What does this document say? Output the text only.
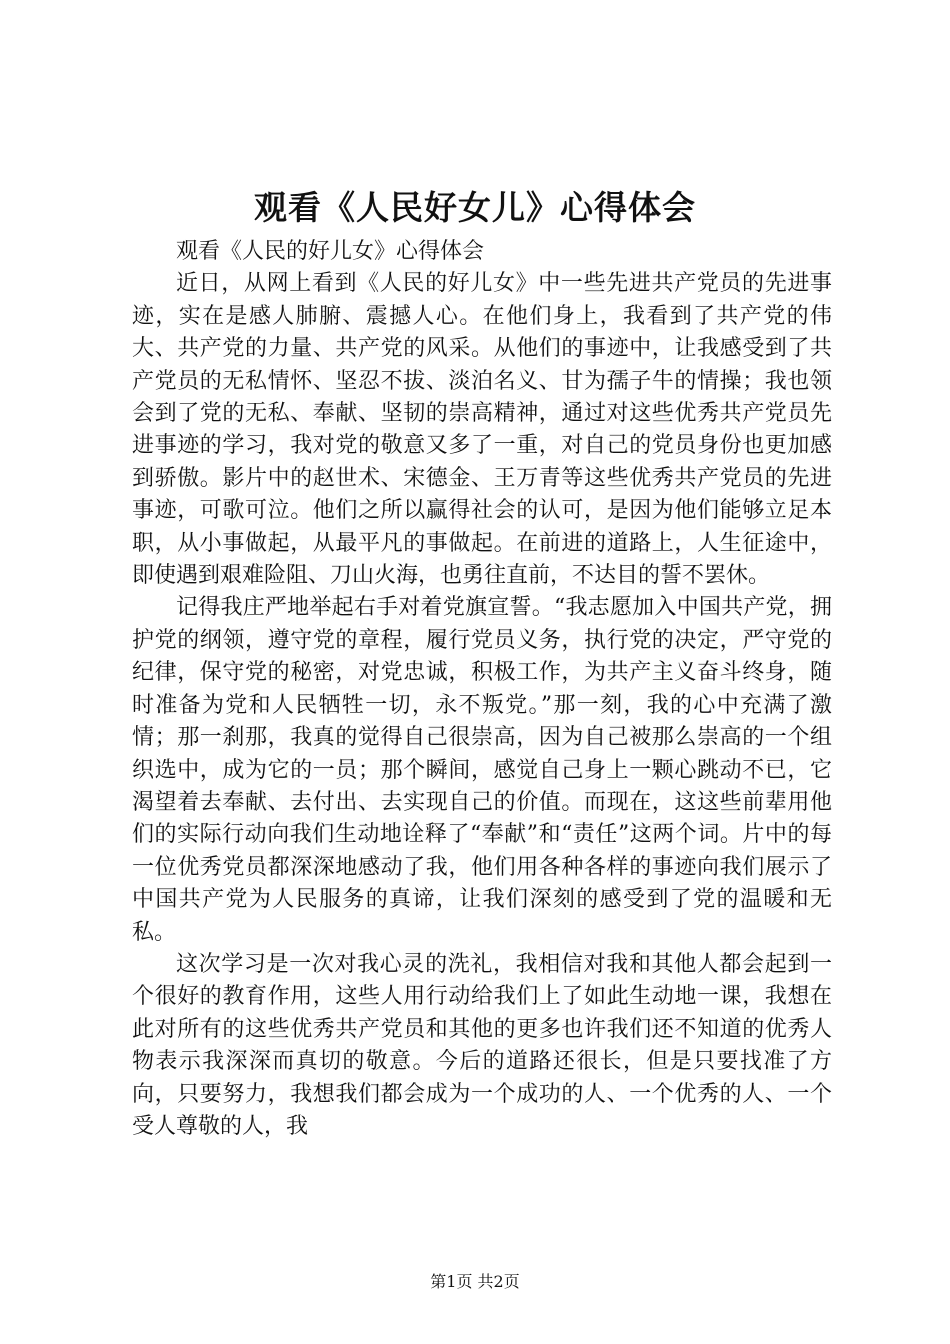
观看《人民好女儿》心得体会

观看《人民的好儿女》心得体会

近日，从网上看到《人民的好儿女》中一些先进共产党员的先进事迹，实在是感人肺腑、震撼人心。在他们身上，我看到了共产党的伟大、共产党的力量、共产党的风采。从他们的事迹中，让我感受到了共产党员的无私情怀、坚忍不拔、淡泊名义、甘为孺子牛的情操；我也领会到了党的无私、奉献、坚韧的崇高精神，通过对这些优秀共产党员先进事迹的学习，我对党的敬意又多了一重，对自己的党员身份也更加感到骄傲。影片中的赵世术、宋德金、王万青等这些优秀共产党员的先进事迹，可歌可泣。他们之所以赢得社会的认可，是因为他们能够立足本职，从小事做起，从最平凡的事做起。在前进的道路上，人生征途中，即使遇到艰难险阻、刀山火海，也勇往直前，不达目的誓不罢休。

记得我庄严地举起右手对着党旗宣誓。“我志愿加入中国共产党，拥护党的纲领，遵守党的章程，履行党员义务，执行党的决定，严守党的纪律，保守党的秘密，对党忠诚，积极工作，为共产主义奋斗终身，随时准备为党和人民牺牲一切，永不叛党。”那一刻，我的心中充满了激情；那一刹那，我真的觉得自己很崇高，因为自己被那么崇高的一个组织选中，成为它的一员；那个瞬间，感觉自己身上一颗心跳动不已，它渴望着去奉献、去付出、去实现自己的价值。而现在，这这些前辈用他们的实际行动向我们生动地诠释了“奉献”和“责任”这两个词。片中的每一位优秀党员都深深地感动了我，他们用各种各样的事迹向我们展示了中国共产党为人民服务的真谛，让我们深刻的感受到了党的温暖和无私。

这次学习是一次对我心灵的洗礼，我相信对我和其他人都会起到一个很好的教育作用，这些人用行动给我们上了如此生动地一课，我想在此对所有的这些优秀共产党员和其他的更多也许我们还不知道的优秀人物表示我深深而真切的敬意。今后的道路还很长，但是只要找准了方向，只要努力，我想我们都会成为一个成功的人、一个优秀的人、一个受人尊敬的人，我

第1页 共2页
